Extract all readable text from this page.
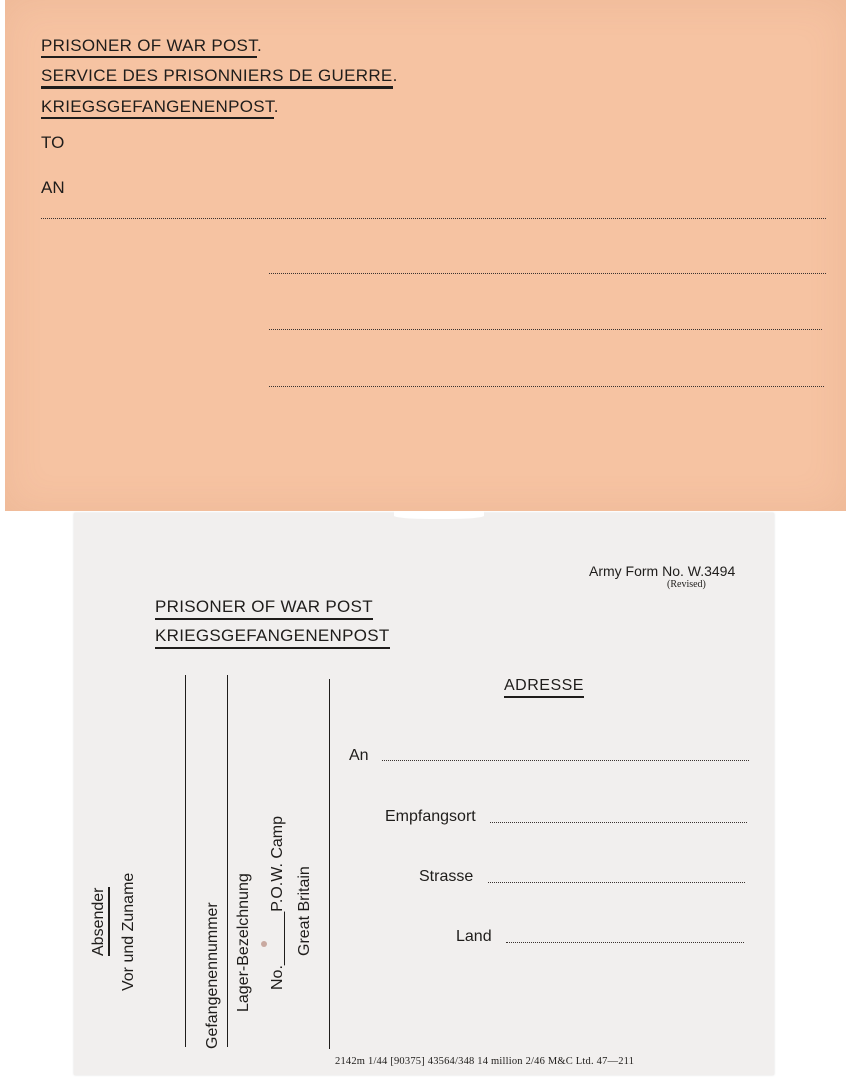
PRISONER OF WAR POST.
SERVICE DES PRISONNIERS DE GUERRE.
KRIEGSGEFANGENENPOST.
TO
AN
Army Form No. W.3494
(Revised)
PRISONER OF WAR POST
KRIEGSGEFANGENENPOST
ADRESSE
An
Empfangsort
Strasse
Land
Absender Vor und Zuname	Gefangenennummer Lager-Bezelchnung No.______P.O.W. Camp Great Britain
2142m 1/44 [90375] 43564/348 14 million 2/46 M&C Ltd. 47—211
